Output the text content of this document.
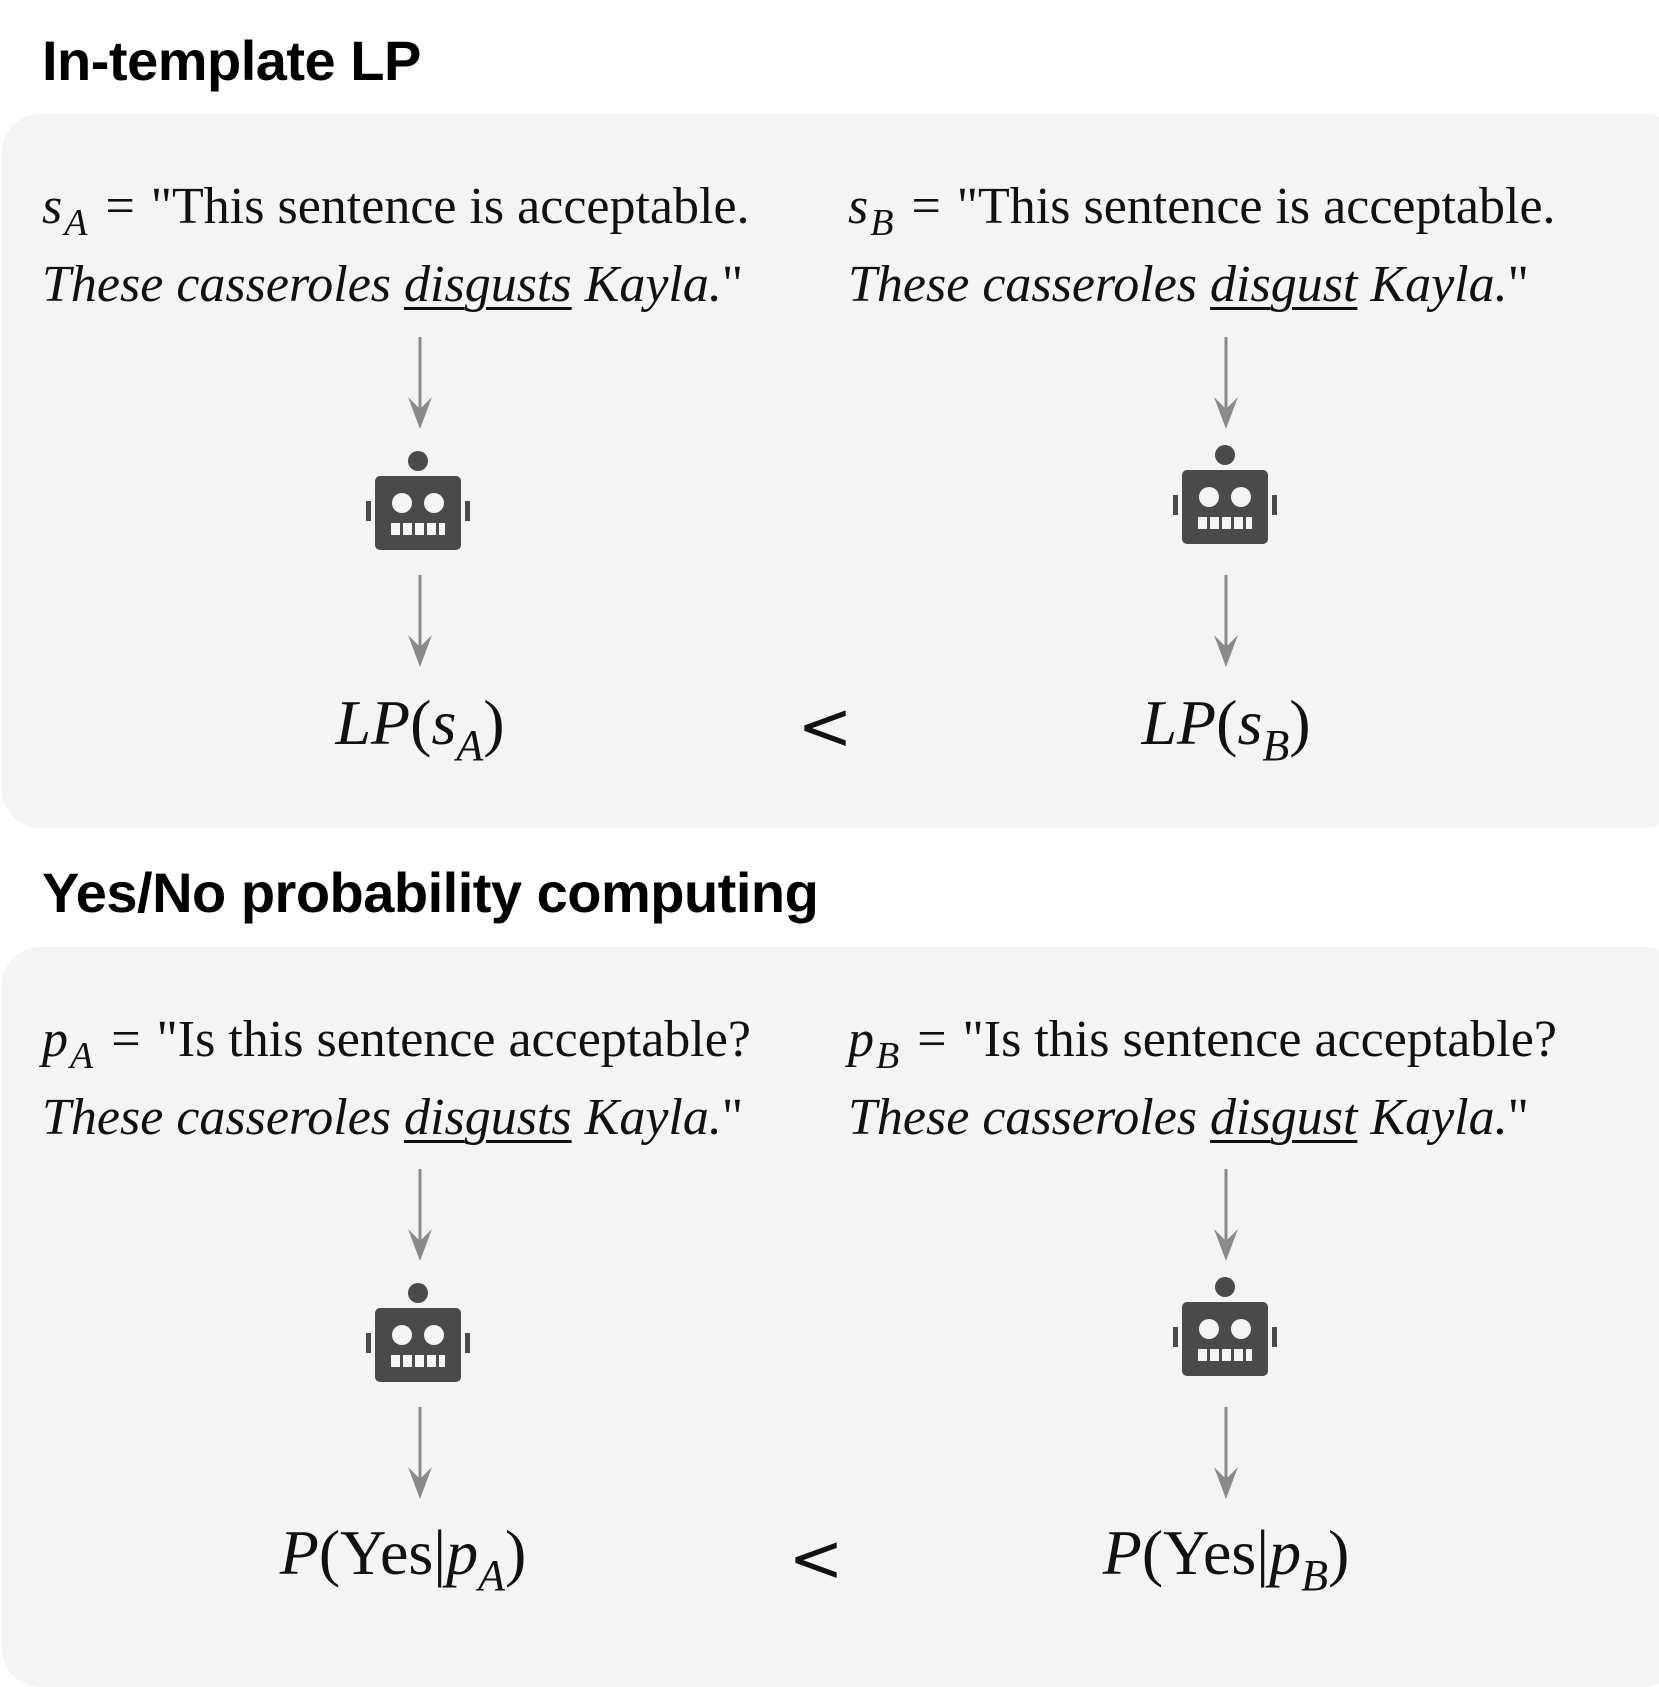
In-template LP
$s_A$ = "This sentence is acceptable.
These casseroles disgusts Kayla."
$s_B$ = "This sentence is acceptable.
These casseroles disgust Kayla."
$LP(s_A)$	<	$LP(s_B)$
Yes/No probability computing
$p_A$ = "Is this sentence acceptable?
These casseroles disgusts Kayla."
$p_B$ = "Is this sentence acceptable?
These casseroles disgust Kayla."
$P(Yes|p_A)$	<	$P(Yes|p_B)$
